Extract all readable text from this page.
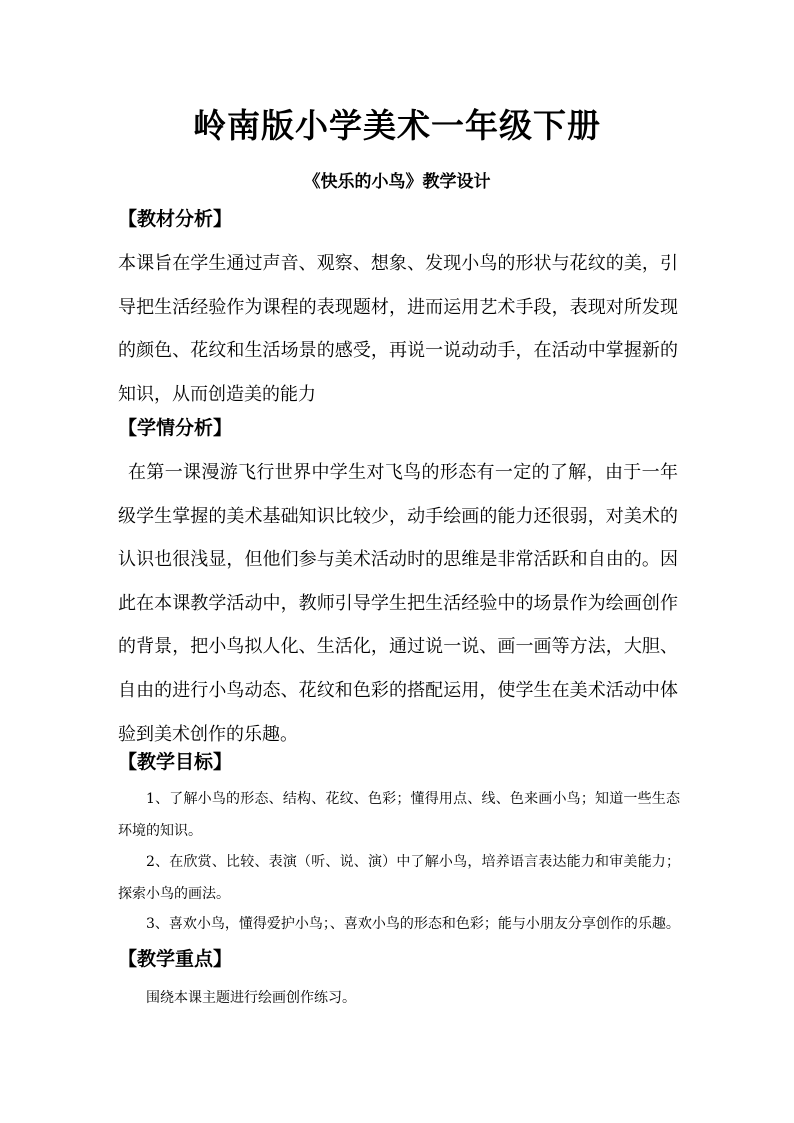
岭南版小学美术一年级下册
《快乐的小鸟》教学设计
【教材分析】
本课旨在学生通过声音、观察、想象、发现小鸟的形状与花纹的美，引导把生活经验作为课程的表现题材，进而运用艺术手段，表现对所发现的颜色、花纹和生活场景的感受，再说一说动动手，在活动中掌握新的知识，从而创造美的能力
【学情分析】
在第一课漫游飞行世界中学生对飞鸟的形态有一定的了解，由于一年级学生掌握的美术基础知识比较少，动手绘画的能力还很弱，对美术的认识也很浅显，但他们参与美术活动时的思维是非常活跃和自由的。因此在本课教学活动中，教师引导学生把生活经验中的场景作为绘画创作的背景，把小鸟拟人化、生活化，通过说一说、画一画等方法，大胆、自由的进行小鸟动态、花纹和色彩的搭配运用，使学生在美术活动中体验到美术创作的乐趣。
【教学目标】
1、了解小鸟的形态、结构、花纹、色彩；懂得用点、线、色来画小鸟；知道一些生态环境的知识。
2、在欣赏、比较、表演（听、说、演）中了解小鸟，培养语言表达能力和审美能力；探索小鸟的画法。
3、喜欢小鸟，懂得爱护小鸟；、喜欢小鸟的形态和色彩；能与小朋友分享创作的乐趣。
【教学重点】
围绕本课主题进行绘画创作练习。
